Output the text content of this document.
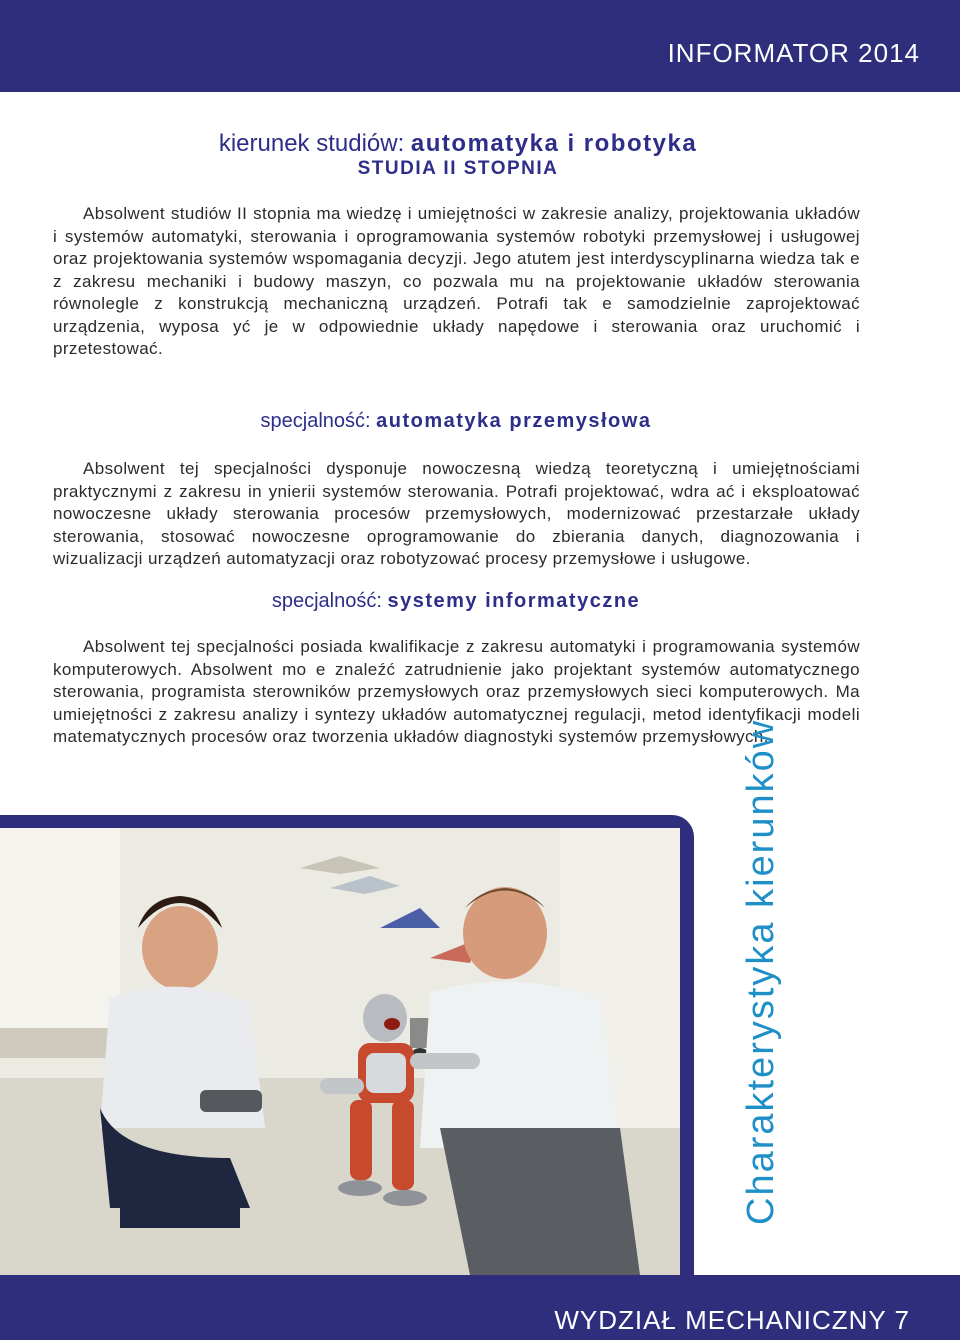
INFORMATOR 2014
kierunek studiów: automatyka i robotyka
STUDIA II STOPNIA
Absolwent studiów II stopnia ma wiedzę i umiejętności w zakresie analizy, projektowania układów i systemów automatyki, sterowania i oprogramowania systemów robotyki przemysłowej i usługowej oraz projektowania systemów wspomagania decyzji. Jego atutem jest interdyscyplinarna wiedza tak e z zakresu mechaniki i budowy maszyn, co pozwala mu na projektowanie układów sterowania równolegle z konstrukcją mechaniczną urządzeń. Potrafi tak e samodzielnie zaprojektować urządzenia, wyposa yć je w odpowiednie układy napędowe i sterowania oraz uruchomić i przetestować.
specjalność: automatyka przemysłowa
Absolwent tej specjalności dysponuje nowoczesną wiedzą teoretyczną i umiejętnościami praktycznymi z zakresu in ynierii systemów sterowania. Potrafi projektować, wdra ać i eksploatować nowoczesne układy sterowania procesów przemysłowych, modernizować przestarzałe układy sterowania, stosować nowoczesne oprogramowanie do zbierania danych, diagnozowania i wizualizacji urządzeń automatyzacji oraz robotyzować procesy przemysłowe i usługowe.
specjalność: systemy informatyczne
Absolwent tej specjalności posiada kwalifikacje z zakresu automatyki i programowania systemów komputerowych. Absolwent mo e znaleźć zatrudnienie jako projektant systemów automatycznego sterowania, programista sterowników przemysłowych oraz przemysłowych sieci komputerowych. Ma umiejętności z zakresu analizy i syntezy układów automatycznej regulacji, metod identyfikacji modeli matematycznych procesów oraz tworzenia układów diagnostyki systemów przemysłowych.
Charakterystyka kierunków
WYDZIAŁ MECHANICZNY 7
